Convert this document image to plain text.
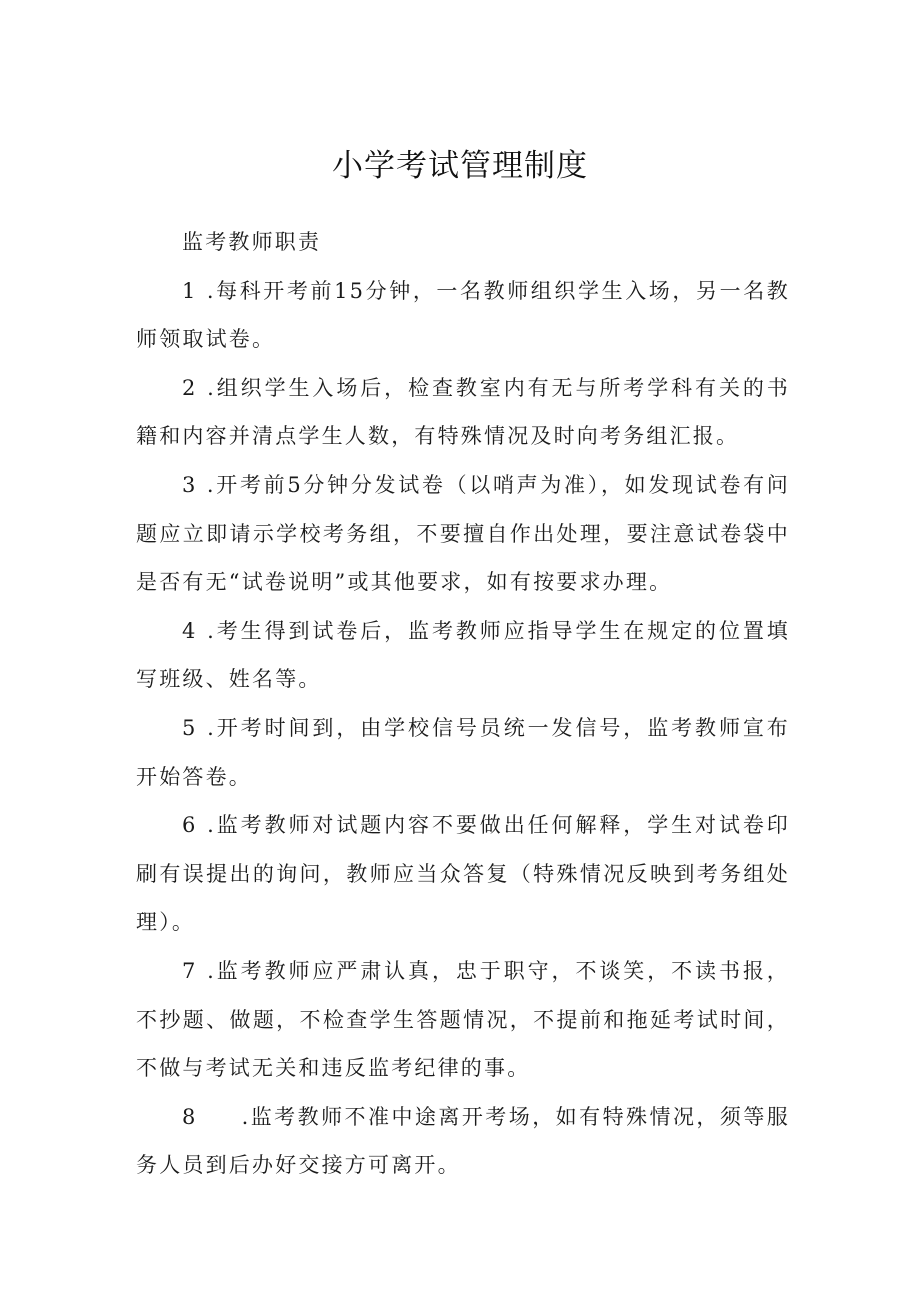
小学考试管理制度

监考教师职责

1 .每科开考前15分钟，一名教师组织学生入场，另一名教师领取试卷。

2 .组织学生入场后，检查教室内有无与所考学科有关的书籍和内容并清点学生人数，有特殊情况及时向考务组汇报。

3 .开考前5分钟分发试卷（以哨声为准），如发现试卷有问题应立即请示学校考务组，不要擅自作出处理，要注意试卷袋中是否有无“试卷说明”或其他要求，如有按要求办理。

4 .考生得到试卷后，监考教师应指导学生在规定的位置填写班级、姓名等。

5 .开考时间到，由学校信号员统一发信号，监考教师宣布开始答卷。

6 .监考教师对试题内容不要做出任何解释，学生对试卷印刷有误提出的询问，教师应当众答复（特殊情况反映到考务组处理）。

7 .监考教师应严肃认真，忠于职守，不谈笑，不读书报，不抄题、做题，不检查学生答题情况，不提前和拖延考试时间，不做与考试无关和违反监考纪律的事。

8 .监考教师不准中途离开考场，如有特殊情况，须等服务人员到后办好交接方可离开。
